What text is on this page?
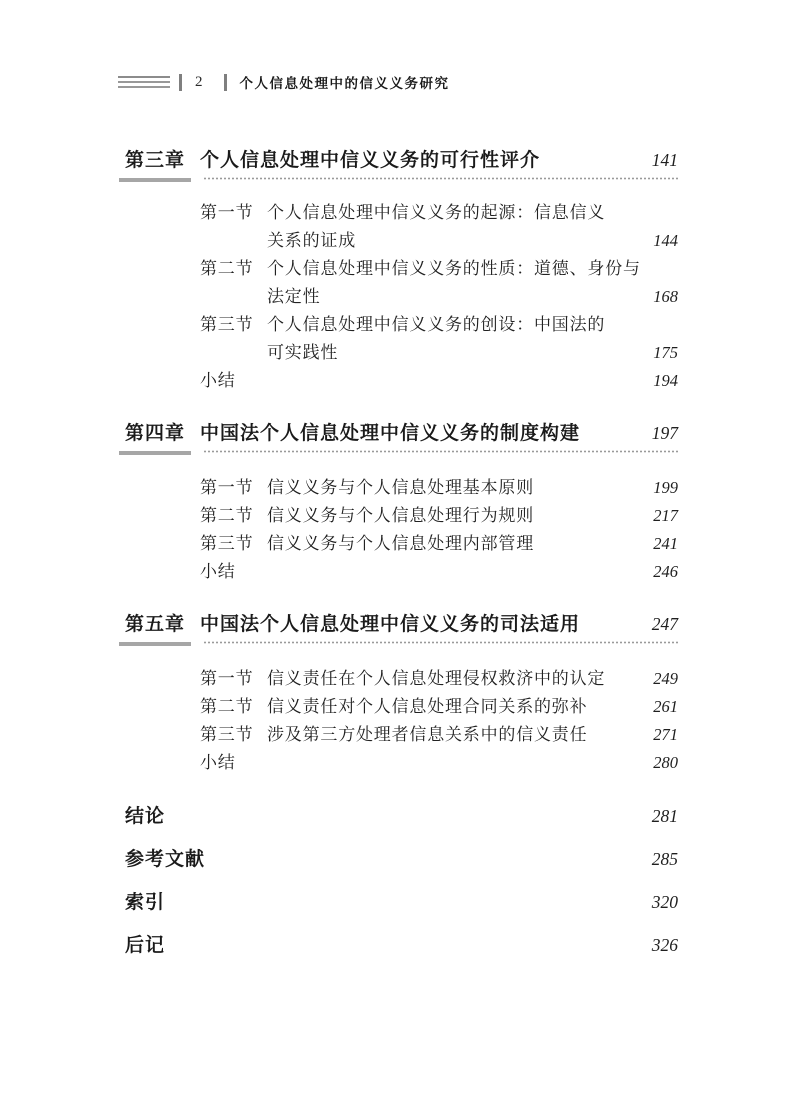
2	个人信息处理中的信义义务研究
第三章 个人信息处理中信义义务的可行性评介	141
第一节 个人信息处理中信义义务的起源：信息信义
关系的证成	144
第二节 个人信息处理中信义义务的性质：道德、身份与
法定性	168
第三节 个人信息处理中信义义务的创设：中国法的
可实践性	175
小结	194
第四章 中国法个人信息处理中信义义务的制度构建	197
第一节 信义义务与个人信息处理基本原则	199
第二节 信义义务与个人信息处理行为规则	217
第三节 信义义务与个人信息处理内部管理	241
小结	246
第五章 中国法个人信息处理中信义义务的司法适用	247
第一节 信义责任在个人信息处理侵权救济中的认定	249
第二节 信义责任对个人信息处理合同关系的弥补	261
第三节 涉及第三方处理者信息关系中的信义责任	271
小结	280
结论	281
参考文献	285
索引	320
后记	326
